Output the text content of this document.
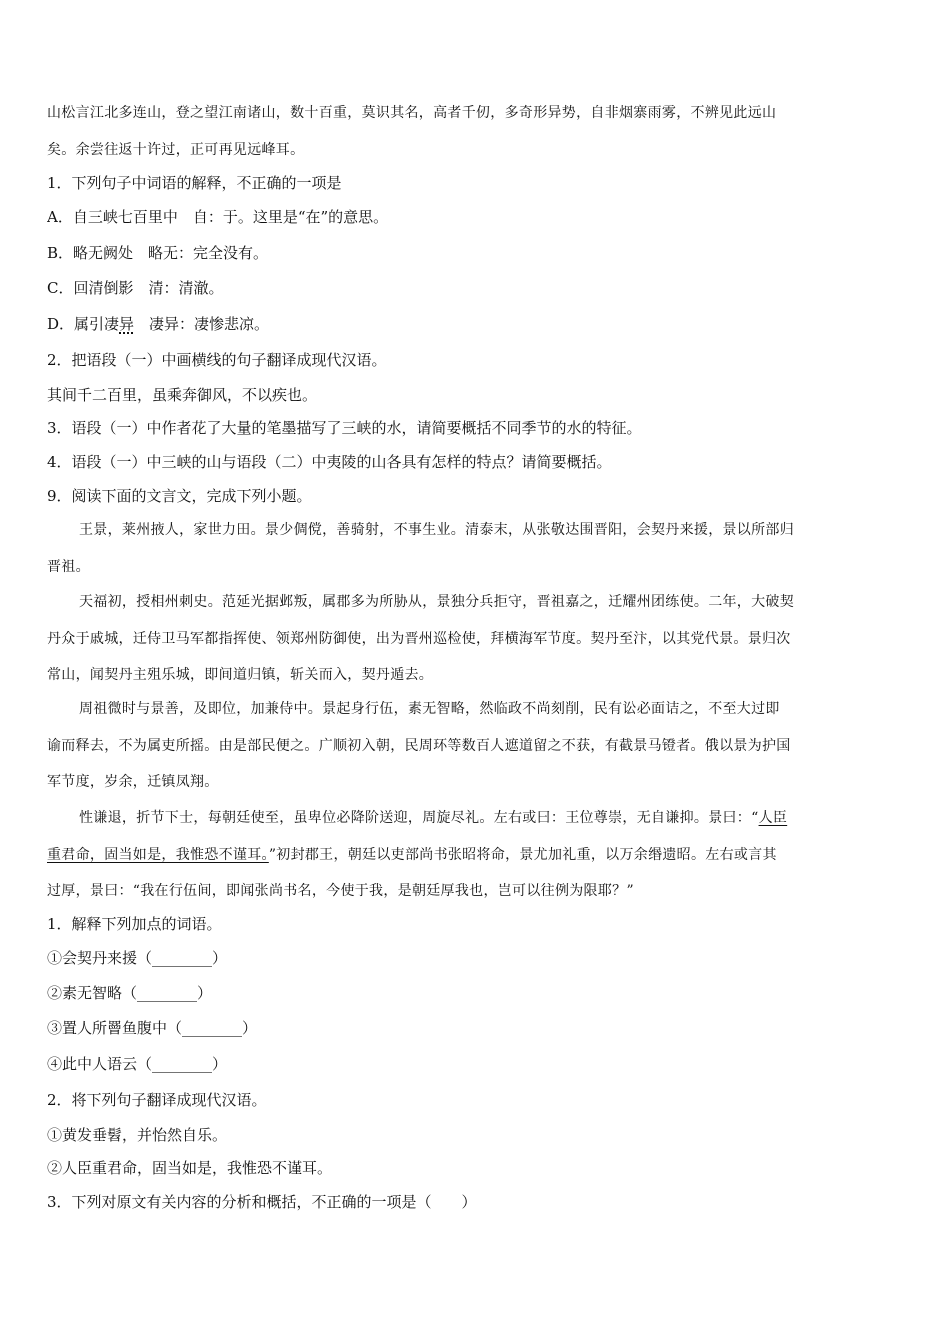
山松言江北多连山，登之望江南诸山，数十百重，莫识其名，高者千仞，多奇形异势，自非烟寨雨雾，不辨见此远山
矣。余尝往返十许过，正可再见远峰耳。
1．下列句子中词语的解释，不正确的一项是
A．自三峡七百里中　自：于。这里是“在”的意思。
B．略无阙处　略无：完全没有。
C．回清倒影　清：清澈。
D．属引凄异　凄异：凄惨悲凉。
2．把语段（一）中画横线的句子翻译成现代汉语。
其间千二百里，虽乘奔御风，不以疾也。
3．语段（一）中作者花了大量的笔墨描写了三峡的水，请简要概括不同季节的水的特征。
4．语段（一）中三峡的山与语段（二）中夷陵的山各具有怎样的特点？请简要概括。
9．阅读下面的文言文，完成下列小题。
王景，莱州掖人，家世力田。景少倜傥，善骑射，不事生业。清泰末，从张敬达围晋阳，会契丹来援，景以所部归
晋祖。
天福初，授相州刺史。范延光据邺叛，属郡多为所胁从，景独分兵拒守，晋祖嘉之，迁耀州团练使。二年，大破契
丹众于戚城，迁侍卫马军都指挥使、领郑州防御使，出为晋州巡检使，拜横海军节度。契丹至汴，以其党代景。景归次
常山，闻契丹主殂乐城，即间道归镇，斩关而入，契丹遁去。
周祖微时与景善，及即位，加兼侍中。景起身行伍，素无智略，然临政不尚刻削，民有讼必面诘之，不至大过即
谕而释去，不为属吏所摇。由是部民便之。广顺初入朝，民周环等数百人遮道留之不获，有截景马镫者。俄以景为护国
军节度，岁余，迁镇凤翔。
性谦退，折节下士，每朝廷使至，虽卑位必降阶送迎，周旋尽礼。左右或曰：王位尊崇，无自谦抑。景曰：“人臣
重君命，固当如是，我惟恐不谨耳。”初封郡王，朝廷以吏部尚书张昭将命，景尤加礼重，以万余缗遗昭。左右或言其
过厚，景曰：“我在行伍间，即闻张尚书名，今使于我，是朝廷厚我也，岂可以往例为限耶？”
1．解释下列加点的词语。
①会契丹来援（________）
②素无智略（________）
③置人所罾鱼腹中（________）
④此中人语云（________）
2．将下列句子翻译成现代汉语。
①黄发垂髫，并怡然自乐。
②人臣重君命，固当如是，我惟恐不谨耳。
3．下列对原文有关内容的分析和概括，不正确的一项是（　　）
